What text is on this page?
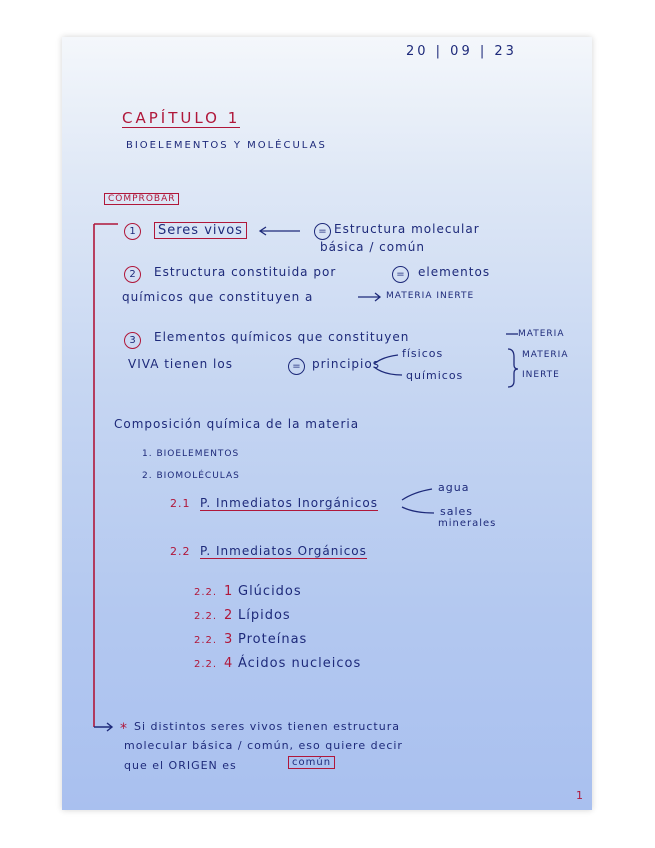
20 | 09 | 23
CAPÍTULO 1
BIOELEMENTOS Y MOLÉCULAS
COMPROBAR
1	Seres vivos	= Estructura molecular
básica / común
2	Estructura constituida por	=	elementos
químicos que constituyen a	MATERIA INERTE
3	Elementos químicos que constituyen	MATERIA
VIVA tienen los	= principios
físicos
químicos
MATERIA
INERTE
Composición química de la materia
1. BIOELEMENTOS
2. BIOMOLÉCULAS
2.1 P. Inmediatos Inorgánicos
agua
sales
minerales
2.2 P. Inmediatos Orgánicos
2.2. 1 Glúcidos
2.2. 2 Lípidos
2.2. 3 Proteínas
2.2. 4 Ácidos nucleicos
* Si distintos seres vivos tienen estructura
molecular básica / común, eso quiere decir
que el ORIGEN es	común
1
